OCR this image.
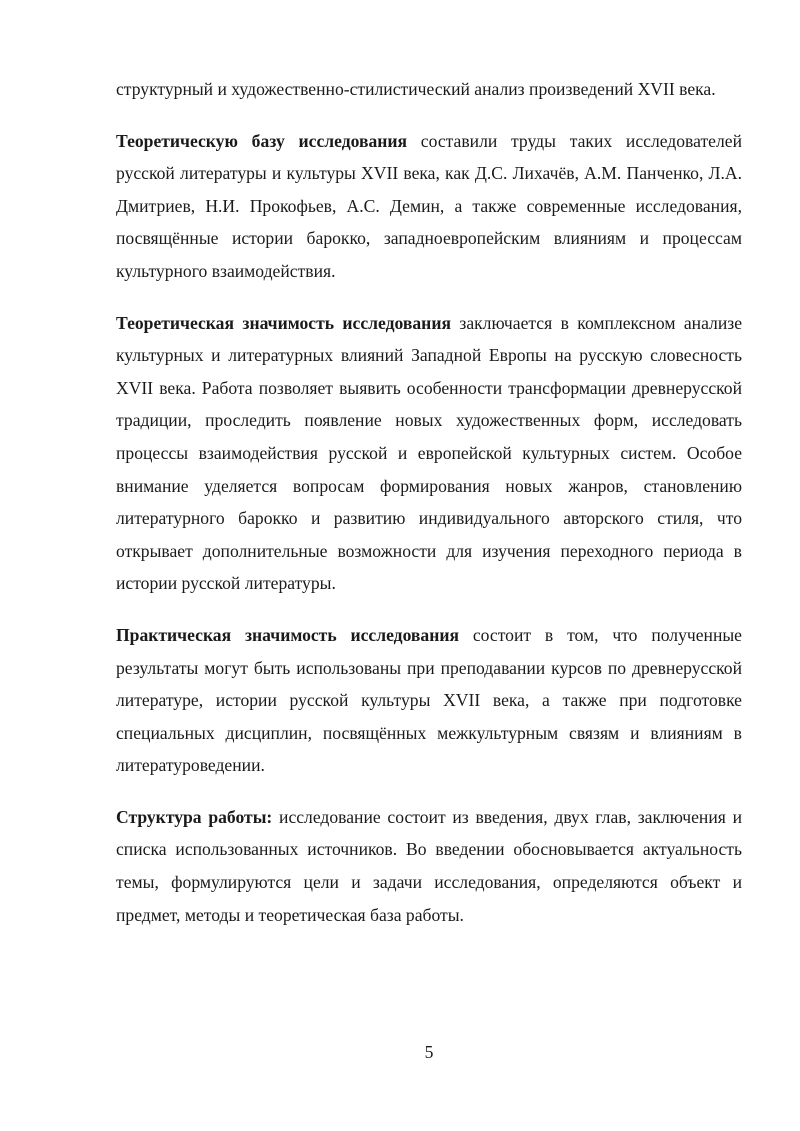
структурный и художественно-стилистический анализ произведений XVII века.

Теоретическую базу исследования составили труды таких исследователей русской литературы и культуры XVII века, как Д.С. Лихачёв, А.М. Панченко, Л.А. Дмитриев, Н.И. Прокофьев, А.С. Демин, а также современные исследования, посвящённые истории барокко, западноевропейским влияниям и процессам культурного взаимодействия.

Теоретическая значимость исследования заключается в комплексном анализе культурных и литературных влияний Западной Европы на русскую словесность XVII века. Работа позволяет выявить особенности трансформации древнерусской традиции, проследить появление новых художественных форм, исследовать процессы взаимодействия русской и европейской культурных систем. Особое внимание уделяется вопросам формирования новых жанров, становлению литературного барокко и развитию индивидуального авторского стиля, что открывает дополнительные возможности для изучения переходного периода в истории русской литературы.

Практическая значимость исследования состоит в том, что полученные результаты могут быть использованы при преподавании курсов по древнерусской литературе, истории русской культуры XVII века, а также при подготовке специальных дисциплин, посвящённых межкультурным связям и влияниям в литературоведении.

Структура работы: исследование состоит из введения, двух глав, заключения и списка использованных источников. Во введении обосновывается актуальность темы, формулируются цели и задачи исследования, определяются объект и предмет, методы и теоретическая база работы.

5
